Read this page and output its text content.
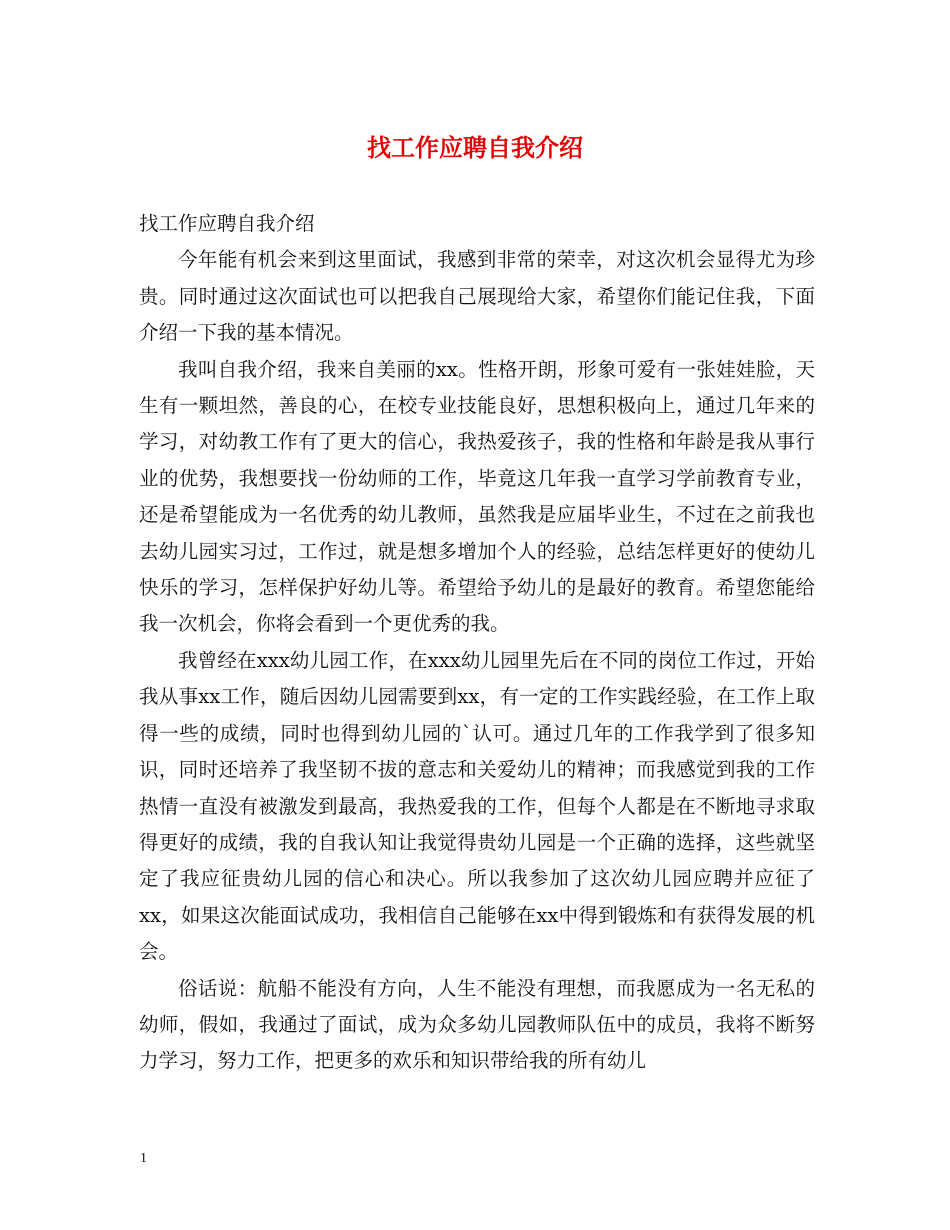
找工作应聘自我介绍

找工作应聘自我介绍

今年能有机会来到这里面试，我感到非常的荣幸，对这次机会显得尤为珍贵。同时通过这次面试也可以把我自己展现给大家，希望你们能记住我，下面介绍一下我的基本情况。

我叫自我介绍，我来自美丽的xx。性格开朗，形象可爱有一张娃娃脸，天生有一颗坦然，善良的心，在校专业技能良好，思想积极向上，通过几年来的学习，对幼教工作有了更大的信心，我热爱孩子，我的性格和年龄是我从事行业的优势，我想要找一份幼师的工作，毕竟这几年我一直学习学前教育专业，还是希望能成为一名优秀的幼儿教师，虽然我是应届毕业生，不过在之前我也去幼儿园实习过，工作过，就是想多增加个人的经验，总结怎样更好的使幼儿快乐的学习，怎样保护好幼儿等。希望给予幼儿的是最好的教育。希望您能给我一次机会，你将会看到一个更优秀的我。

我曾经在xxx幼儿园工作，在xxx幼儿园里先后在不同的岗位工作过，开始我从事xx工作，随后因幼儿园需要到xx，有一定的工作实践经验，在工作上取得一些的成绩，同时也得到幼儿园的`认可。通过几年的工作我学到了很多知识，同时还培养了我坚韧不拔的意志和关爱幼儿的精神；而我感觉到我的工作热情一直没有被激发到最高，我热爱我的工作，但每个人都是在不断地寻求取得更好的成绩，我的自我认知让我觉得贵幼儿园是一个正确的选择，这些就坚定了我应征贵幼儿园的信心和决心。所以我参加了这次幼儿园应聘并应征了xx，如果这次能面试成功，我相信自己能够在xx中得到锻炼和有获得发展的机会。

俗话说：航船不能没有方向，人生不能没有理想，而我愿成为一名无私的幼师，假如，我通过了面试，成为众多幼儿园教师队伍中的成员，我将不断努力学习，努力工作，把更多的欢乐和知识带给我的所有幼儿

1
